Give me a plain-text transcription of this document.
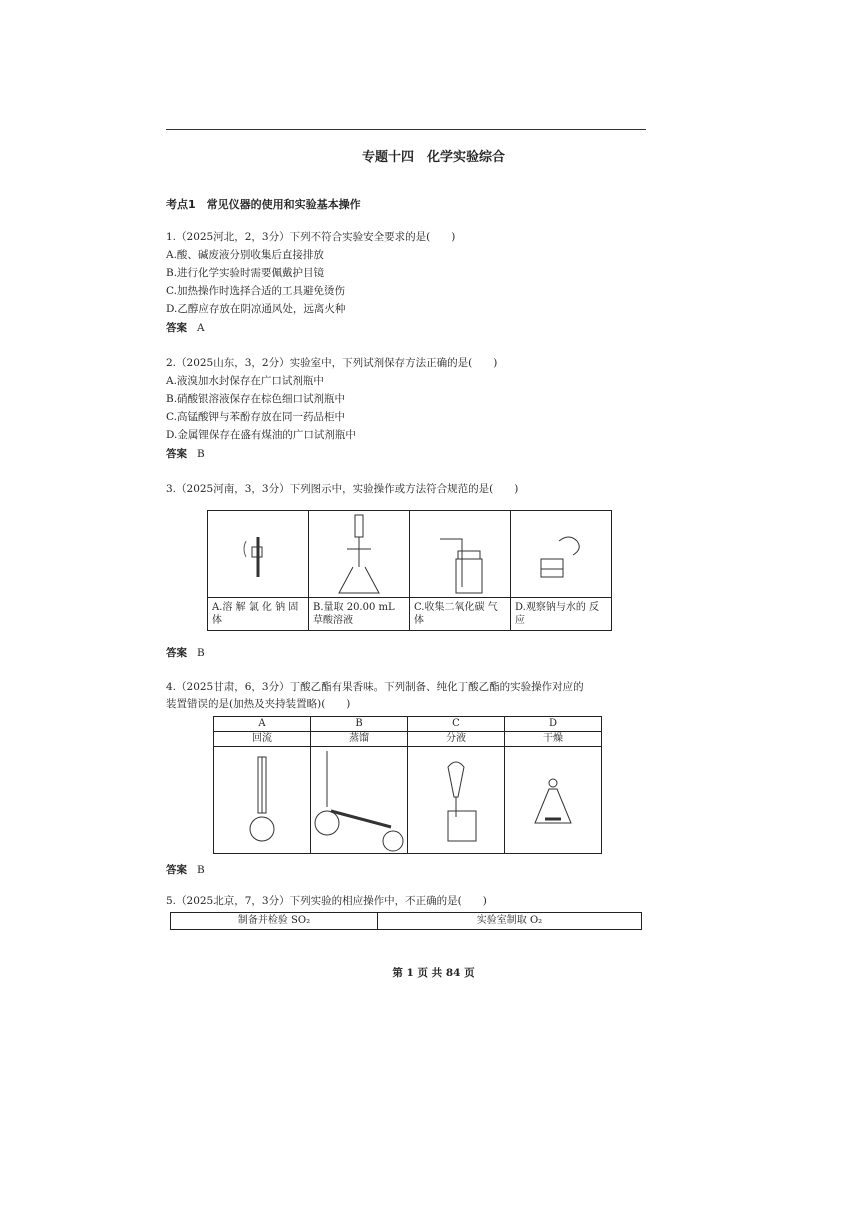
专题十四　化学实验综合
考点1　常见仪器的使用和实验基本操作
1.（2025河北，2，3分）下列不符合实验安全要求的是(　　)
A.酸、碱废液分别收集后直接排放
B.进行化学实验时需要佩戴护目镜
C.加热操作时选择合适的工具避免烫伤
D.乙醇应存放在阴凉通风处，远离火种
答案 A
2.（2025山东，3，2分）实验室中，下列试剂保存方法正确的是(　　)
A.液溴加水封保存在广口试剂瓶中
B.硝酸银溶液保存在棕色细口试剂瓶中
C.高锰酸钾与苯酚存放在同一药品柜中
D.金属锂保存在盛有煤油的广口试剂瓶中
答案 B
3.（2025河南，3，3分）下列图示中，实验操作或方法符合规范的是(　　)

A.溶 解 氯 化 钠 固体	B.量取 20.00 mL 草酸溶液	C.收集二氧化碳 气体	D.观察钠与水的 反应
答案 B
4.（2025甘肃，6，3分）丁酸乙酯有果香味。下列制备、纯化丁酸乙酯的实验操作对应的
装置错误的是(加热及夹持装置略)(　　)
A	B	C	D
回流	蒸馏	分液	干燥

答案 B
5.（2025北京，7，3分）下列实验的相应操作中，不正确的是(　　)
制备并检验 SO₂	实验室制取 O₂
第 1 页 共 84 页
